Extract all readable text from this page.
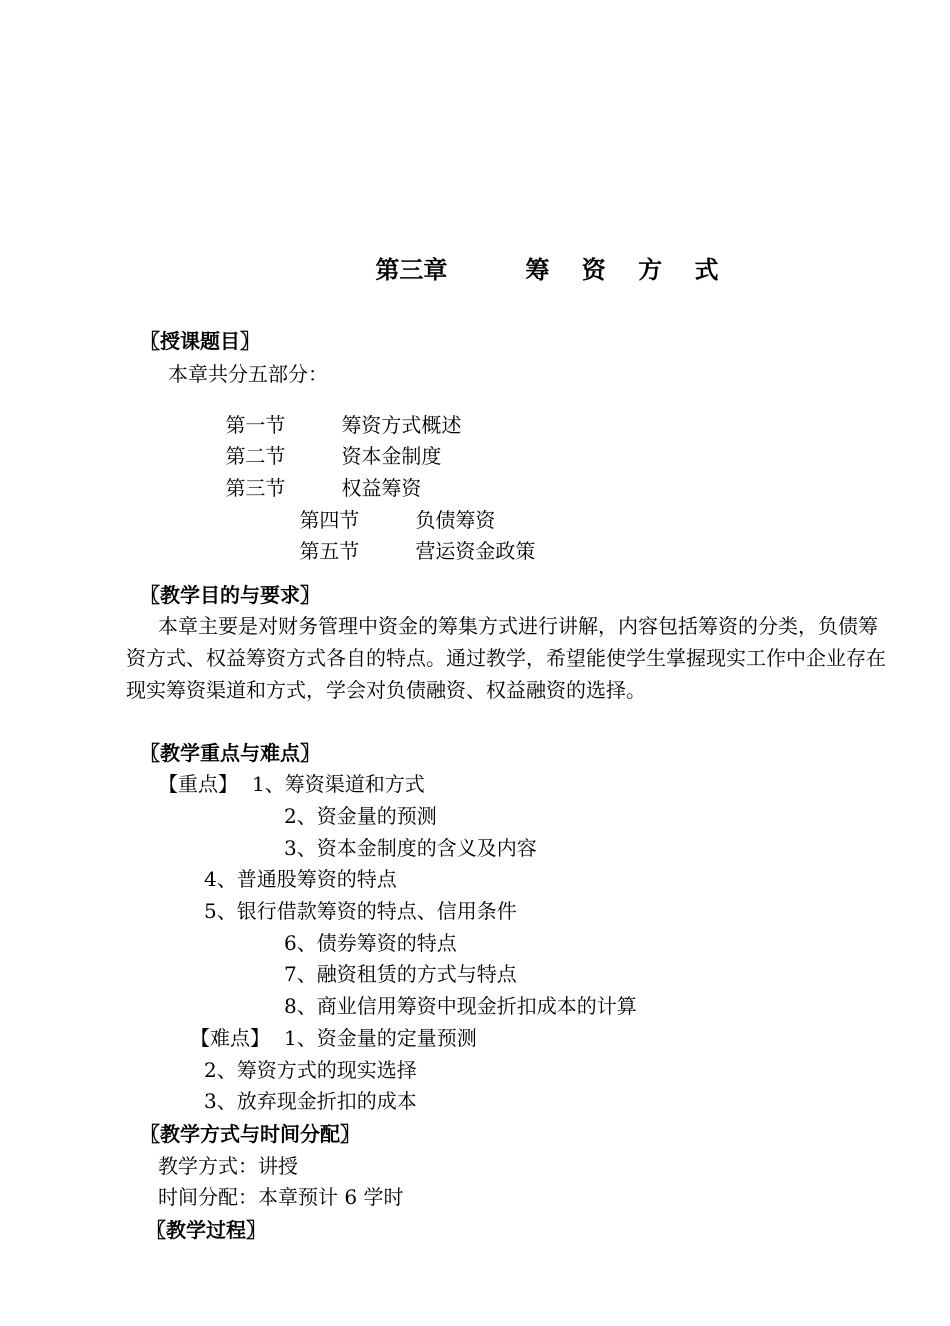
第三章	筹 资 方 式

〖授课题目〗
本章共分五部分：

第一节	筹资方式概述

第二节	资本金制度

第三节	权益筹资

第四节	负债筹资

第五节	营运资金政策

〖教学目的与要求〗
本章主要是对财务管理中资金的筹集方式进行讲解，内容包括筹资的分类，负债筹资方式、权益筹资方式各自的特点。通过教学，希望能使学生掌握现实工作中企业存在现实筹资渠道和方式，学会对负债融资、权益融资的选择。
〖教学重点与难点〗
【重点】 1、筹资渠道和方式
2、资金量的预测
3、资本金制度的含义及内容
4、普通股筹资的特点
5、银行借款筹资的特点、信用条件
6、债券筹资的特点
7、融资租赁的方式与特点
8、商业信用筹资中现金折扣成本的计算
【难点】 1、资金量的定量预测
2、筹资方式的现实选择
3、放弃现金折扣的成本
〖教学方式与时间分配〗
教学方式：讲授
时间分配：本章预计 6 学时
〖教学过程〗
